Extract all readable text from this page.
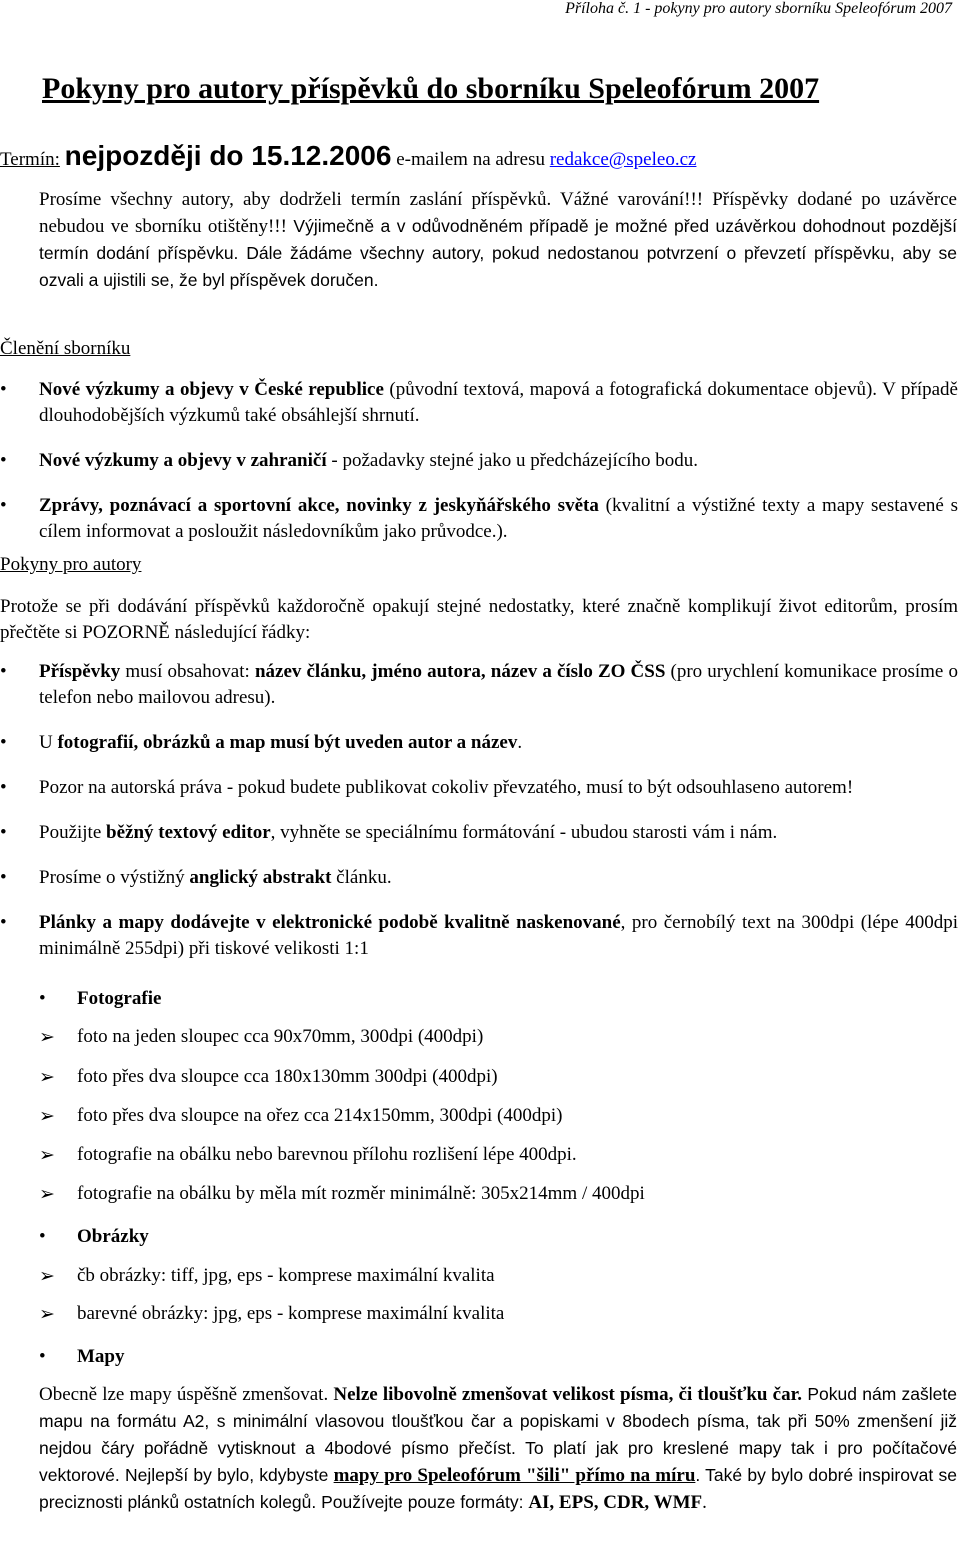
Příloha č. 1 - pokyny pro autory sborníku Speleofórum 2007
Pokyny pro autory příspěvků do sborníku Speleofórum 2007
Termín: nejpozději do 15.12.2006 e-mailem na adresu redakce@speleo.cz
Prosíme všechny autory, aby dodrželi termín zaslání příspěvků. Vážné varování!!! Příspěvky dodané po uzávěrce nebudou ve sborníku otištěny!!! Výjimečně a v odůvodněném případě je možné před uzávěrkou dohodnout pozdější termín dodání příspěvku. Dále žádáme všechny autory, pokud nedostanou potvrzení o převzetí příspěvku, aby se ozvali a ujistili se, že byl příspěvek doručen.
Členění sborníku
• Nové výzkumy a objevy v České republice (původní textová, mapová a fotografická dokumentace objevů). V případě dlouhodobějších výzkumů také obsáhlejší shrnutí.
• Nové výzkumy a objevy v zahraničí - požadavky stejné jako u předcházejícího bodu.
• Zprávy, poznávací a sportovní akce, novinky z jeskyňářského světa (kvalitní a výstižné texty a mapy sestavené s cílem informovat a posloužit následovníkům jako průvodce.).
Pokyny pro autory
Protože se při dodávání příspěvků každoročně opakují stejné nedostatky, které značně komplikují život editorům, prosím přečtěte si POZORNĚ následující řádky:
• Příspěvky musí obsahovat: název článku, jméno autora, název a číslo ZO ČSS (pro urychlení komunikace prosíme o telefon nebo mailovou adresu).
• U fotografií, obrázků a map musí být uveden autor a název.
• Pozor na autorská práva - pokud budete publikovat cokoliv převzatého, musí to být odsouhlaseno autorem!
• Použijte běžný textový editor, vyhněte se speciálnímu formátování - ubudou starosti vám i nám.
• Prosíme o výstižný anglický abstrakt článku.
• Plánky a mapy dodávejte v elektronické podobě kvalitně naskenované, pro černobílý text na 300dpi (lépe 400dpi minimálně 255dpi) při tiskové velikosti 1:1
• Fotografie
➢ foto na jeden sloupec cca 90x70mm, 300dpi (400dpi)
➢ foto přes dva sloupce cca 180x130mm 300dpi (400dpi)
➢ foto přes dva sloupce na ořez cca 214x150mm, 300dpi (400dpi)
➢ fotografie na obálku nebo barevnou přílohu rozlišení lépe 400dpi.
➢ fotografie na obálku by měla mít rozměr minimálně: 305x214mm / 400dpi
• Obrázky
➢ čb obrázky: tiff, jpg, eps - komprese maximální kvalita
➢ barevné obrázky: jpg, eps - komprese maximální kvalita
• Mapy
Obecně lze mapy úspěšně zmenšovat. Nelze libovolně zmenšovat velikost písma, či tloušťku čar. Pokud nám zašlete mapu na formátu A2, s minimální vlasovou tloušťkou čar a popiskami v 8bodech písma, tak při 50% zmenšení již nejdou čáry pořádně vytisknout a 4bodové písmo přečíst. To platí jak pro kreslené mapy tak i pro počítačové vektorové. Nejlepší by bylo, kdybyste mapy pro Speleofórum "šili" přímo na míru. Také by bylo dobré inspirovat se preciznosti plánků ostatních kolegů. Používejte pouze formáty: AI, EPS, CDR, WMF.
